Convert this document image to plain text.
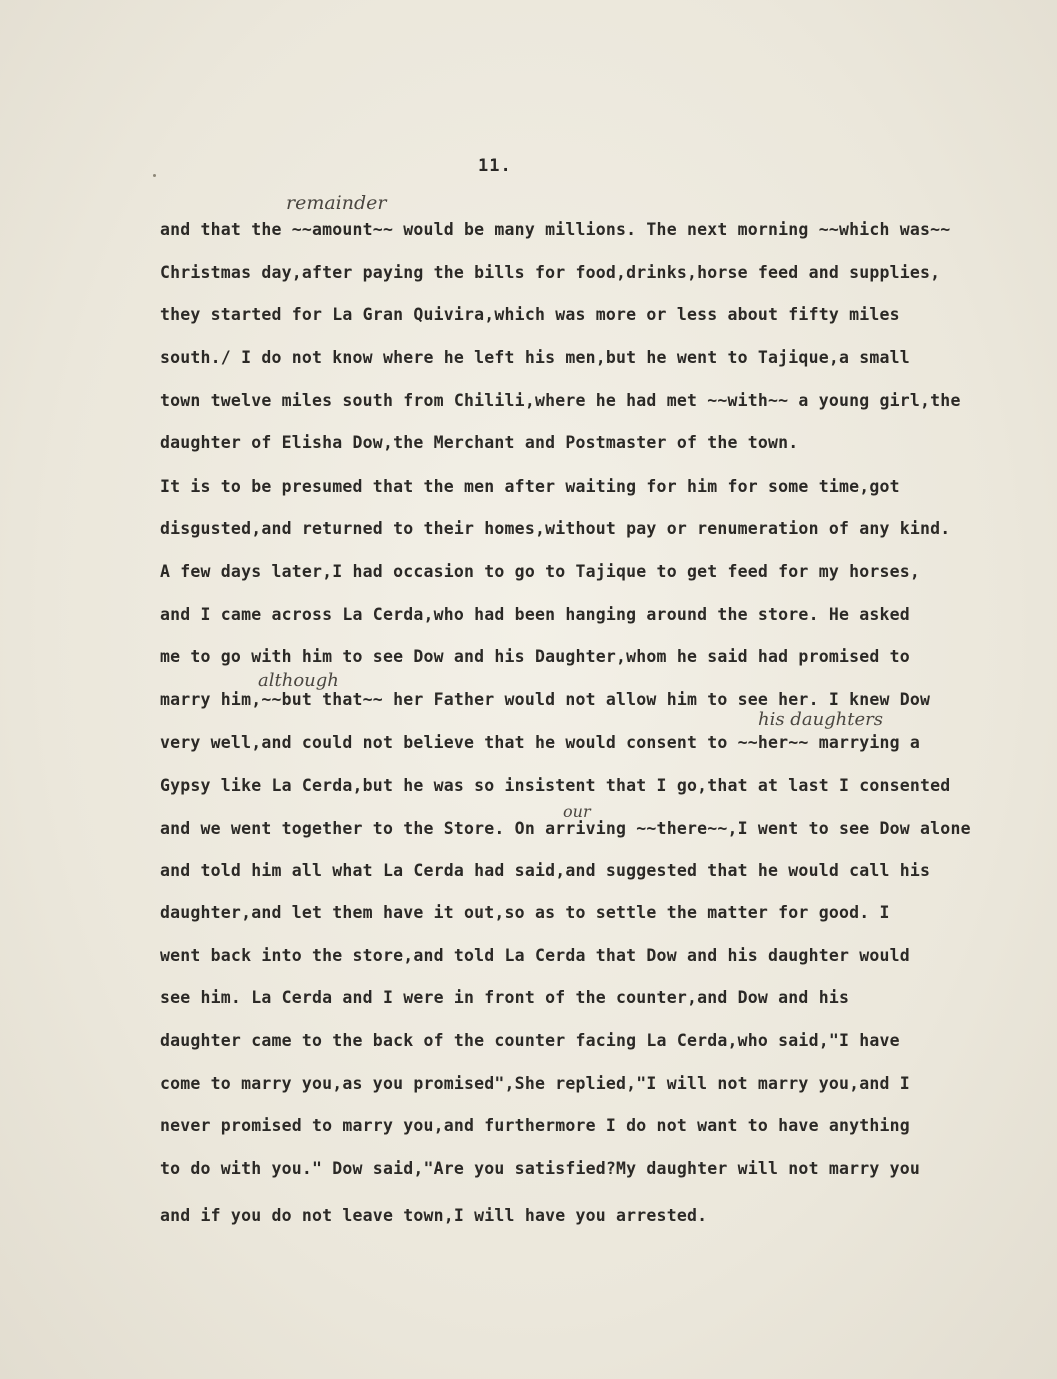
11.
remainder
although
his daughters
our
and that the ~~amount~~ would be many millions. The next morning ~~which was~~
Christmas day,after paying the bills for food,drinks,horse feed and supplies,
they started for La Gran Quivira,which was more or less about fifty miles
south./ I do not know where he left his men,but he went to Tajique,a small
town twelve miles south from Chilili,where he had met ~~with~~ a young girl,the
daughter of Elisha Dow,the Merchant and Postmaster of the town.
It is to be presumed that the men after waiting for him for some time,got
disgusted,and returned to their homes,without pay or renumeration of any kind.
A few days later,I had occasion to go to Tajique to get feed for my horses,
and I came across La Cerda,who had been hanging around the store. He asked
me to go with him to see Dow and his Daughter,whom he said had promised to
marry him,~~but that~~ her Father would not allow him to see her. I knew Dow
very well,and could not believe that he would consent to ~~her~~ marrying a
Gypsy like La Cerda,but he was so insistent that I go,that at last I consented
and we went together to the Store. On arriving ~~there~~,I went to see Dow alone
and told him all what La Cerda had said,and suggested that he would call his
daughter,and let them have it out,so as to settle the matter for good. I
went back into the store,and told La Cerda that Dow and his daughter would
see him. La Cerda and I were in front of the counter,and Dow and his
daughter came to the back of the counter facing La Cerda,who said,"I have
come to marry you,as you promised",She replied,"I will not marry you,and I
never promised to marry you,and furthermore I do not want to have anything
to do with you." Dow said,"Are you satisfied?My daughter will not marry you
and if you do not leave town,I will have you arrested.
